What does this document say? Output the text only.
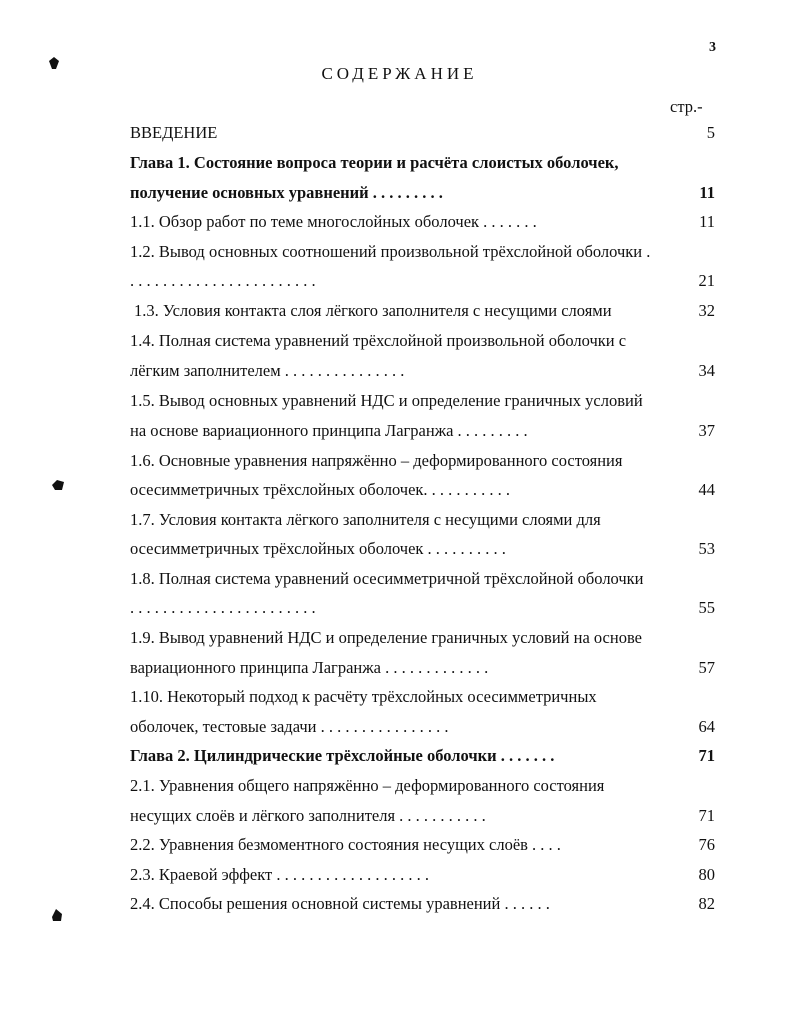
3
СОДЕРЖАНИЕ
стр.-
ВВЕДЕНИЕ	5
Глава 1. Состояние вопроса теории и расчёта слоистых оболочек,
получение основных уравнений . . . . . . . . .	11
1.1. Обзор работ по теме многослойных оболочек . . . . . . .	11
1.2. Вывод основных соотношений произвольной трёхслойной оболочки .
. . . . . . . . . . . . . . . . . . . . . . .	21
1.3. Условия контакта слоя лёгкого заполнителя с несущими слоями	32
1.4. Полная система уравнений трёхслойной произвольной оболочки с
лёгким заполнителем . . . . . . . . . . . . . . .	34
1.5. Вывод основных уравнений НДС и определение граничных условий
на основе вариационного принципа Лагранжа . . . . . . . . .	37
1.6. Основные уравнения напряжённо – деформированного состояния
осесимметричных трёхслойных оболочек. . . . . . . . . . .	44
1.7. Условия контакта лёгкого заполнителя с несущими слоями для
осесимметричных трёхслойных оболочек . . . . . . . . . .	53
1.8. Полная система уравнений осесимметричной трёхслойной оболочки
. . . . . . . . . . . . . . . . . . . . . . .	55
1.9. Вывод уравнений НДС и определение граничных условий на основе
вариационного принципа Лагранжа . . . . . . . . . . . . .	57
1.10. Некоторый подход к расчёту трёхслойных осесимметричных
оболочек, тестовые задачи . . . . . . . . . . . . . . . .	64
Глава 2. Цилиндрические трёхслойные оболочки . . . . . . .	71
2.1. Уравнения общего напряжённо – деформированного состояния
несущих слоёв и лёгкого заполнителя . . . . . . . . . . .	71
2.2. Уравнения безмоментного состояния несущих слоёв . . . .	76
2.3. Краевой эффект . . . . . . . . . . . . . . . . . . .	80
2.4. Способы решения основной системы уравнений . . . . . .	82
